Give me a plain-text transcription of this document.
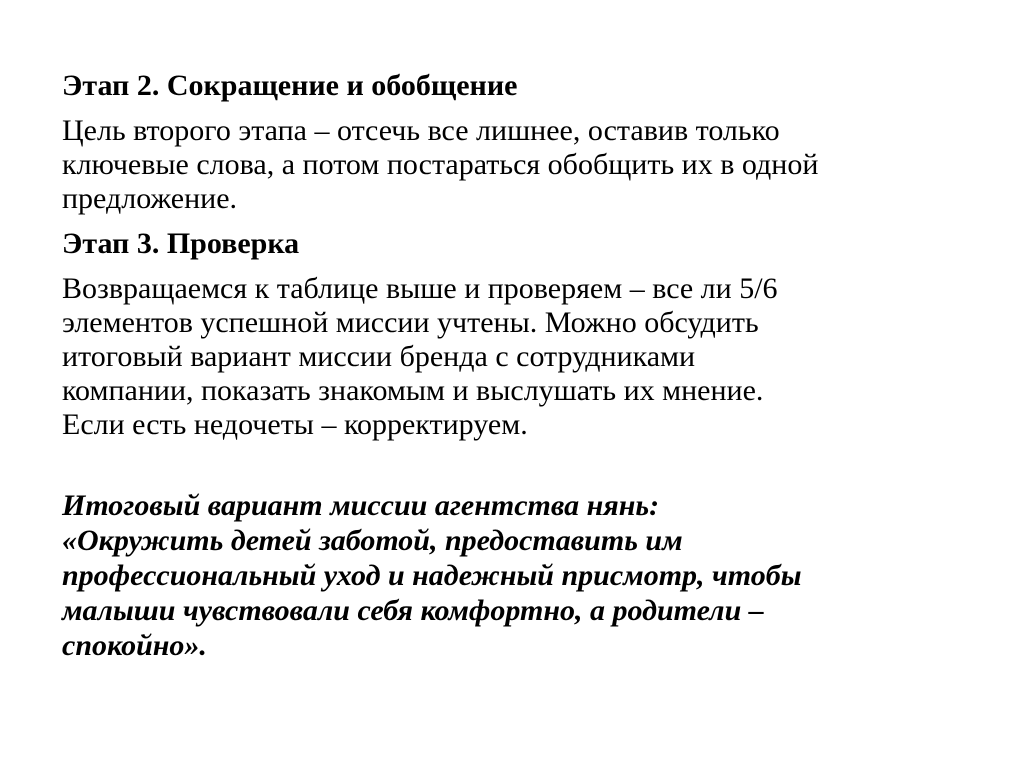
Этап 2. Сокращение и обобщение
Цель второго этапа – отсечь все лишнее, оставив только
ключевые слова, а потом постараться обобщить их в одной
предложение.
Этап 3. Проверка
Возвращаемся к таблице выше и проверяем – все ли 5/6
элементов успешной миссии учтены. Можно обсудить
итоговый вариант миссии бренда с сотрудниками
компании, показать знакомым и выслушать их мнение.
Если есть недочеты – корректируем.
Итоговый вариант миссии агентства нянь:
«Окружить детей заботой, предоставить им
профессиональный уход и надежный присмотр, чтобы
малыши чувствовали себя комфортно, а родители –
спокойно».
